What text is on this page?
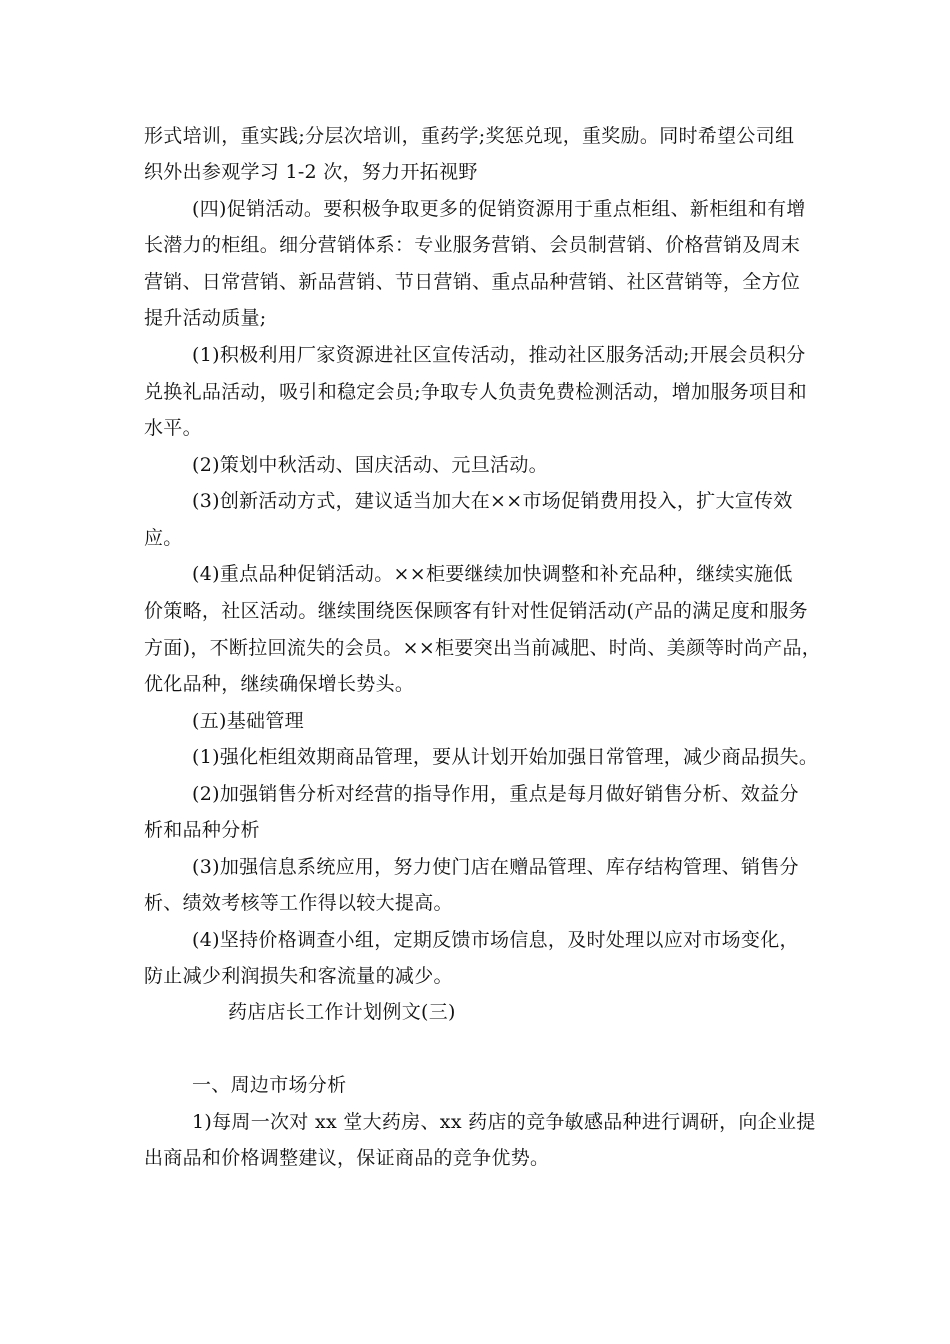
形式培训，重实践;分层次培训，重药学;奖惩兑现，重奖励。同时希望公司组
织外出参观学习 1-2 次，努力开拓视野
(四)促销活动。要积极争取更多的促销资源用于重点柜组、新柜组和有增
长潜力的柜组。细分营销体系：专业服务营销、会员制营销、价格营销及周末
营销、日常营销、新品营销、节日营销、重点品种营销、社区营销等，全方位
提升活动质量;
(1)积极利用厂家资源进社区宣传活动，推动社区服务活动;开展会员积分
兑换礼品活动，吸引和稳定会员;争取专人负责免费检测活动，增加服务项目和
水平。
(2)策划中秋活动、国庆活动、元旦活动。
(3)创新活动方式，建议适当加大在××市场促销费用投入，扩大宣传效
应。
(4)重点品种促销活动。××柜要继续加快调整和补充品种，继续实施低
价策略，社区活动。继续围绕医保顾客有针对性促销活动(产品的满足度和服务
方面)，不断拉回流失的会员。××柜要突出当前减肥、时尚、美颜等时尚产品，
优化品种，继续确保增长势头。
(五)基础管理
(1)强化柜组效期商品管理，要从计划开始加强日常管理，减少商品损失。
(2)加强销售分析对经营的指导作用，重点是每月做好销售分析、效益分
析和品种分析
(3)加强信息系统应用，努力使门店在赠品管理、库存结构管理、销售分
析、绩效考核等工作得以较大提高。
(4)坚持价格调查小组，定期反馈市场信息，及时处理以应对市场变化，
防止减少利润损失和客流量的减少。
药店店长工作计划例文(三)
一、周边市场分析
1)每周一次对 xx 堂大药房、xx 药店的竞争敏感品种进行调研，向企业提
出商品和价格调整建议，保证商品的竞争优势。
